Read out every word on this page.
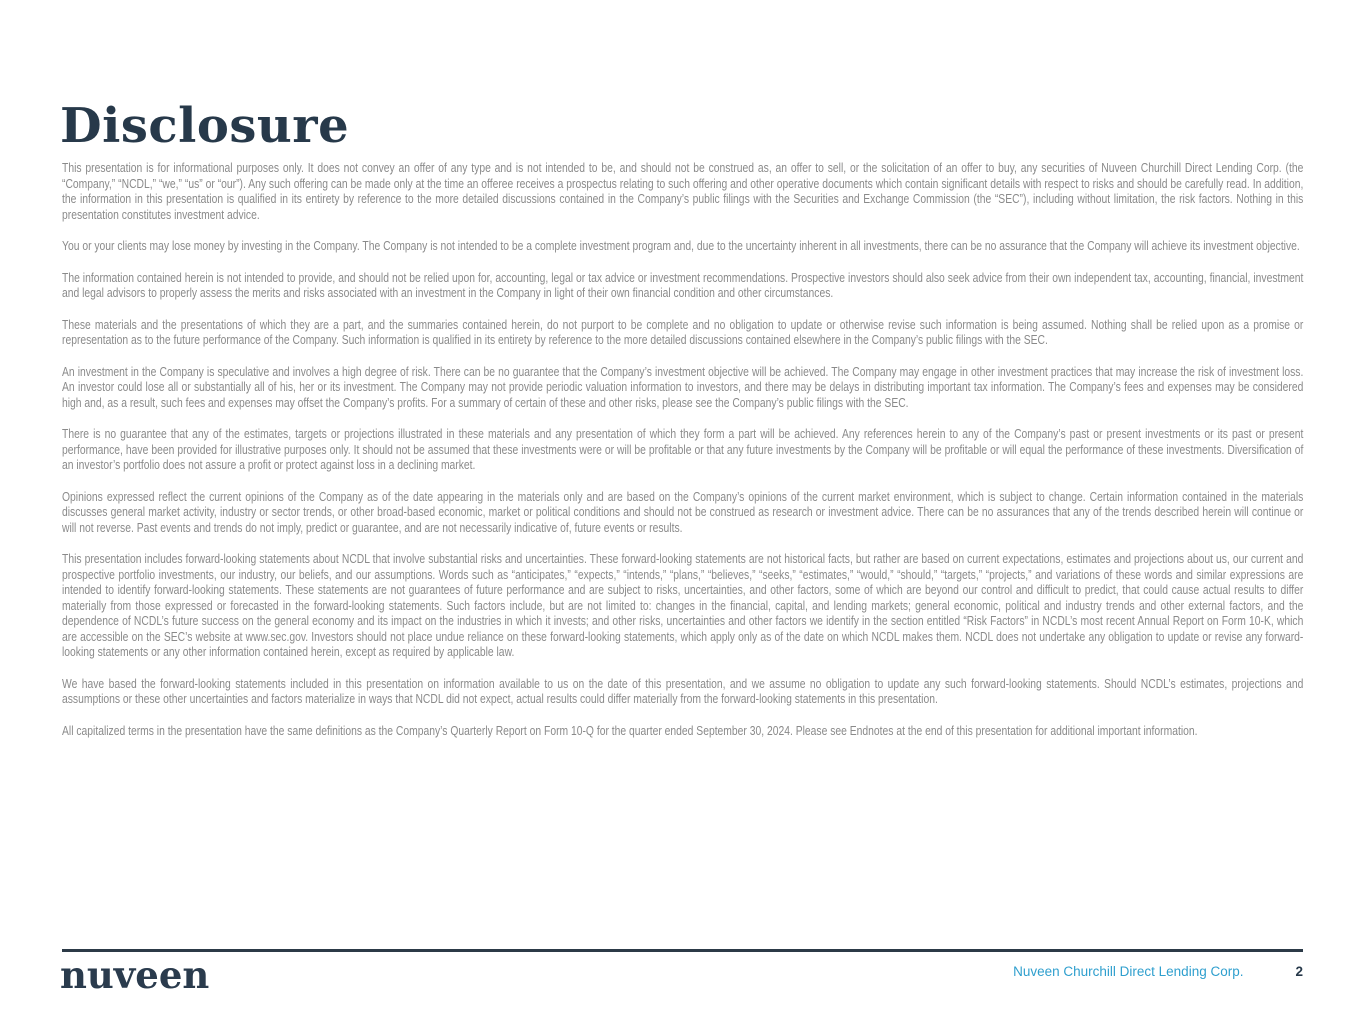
Disclosure

This presentation is for informational purposes only. It does not convey an offer of any type and is not intended to be, and should not be construed as, an offer to sell, or the solicitation of an offer to buy, any securities of Nuveen Churchill Direct Lending Corp. (the “Company,” “NCDL,” “we,” “us” or “our”). Any such offering can be made only at the time an offeree receives a prospectus relating to such offering and other operative documents which contain significant details with respect to risks and should be carefully read. In addition, the information in this presentation is qualified in its entirety by reference to the more detailed discussions contained in the Company’s public filings with the Securities and Exchange Commission (the “SEC”), including without limitation, the risk factors. Nothing in this presentation constitutes investment advice.

You or your clients may lose money by investing in the Company. The Company is not intended to be a complete investment program and, due to the uncertainty inherent in all investments, there can be no assurance that the Company will achieve its investment objective.

The information contained herein is not intended to provide, and should not be relied upon for, accounting, legal or tax advice or investment recommendations. Prospective investors should also seek advice from their own independent tax, accounting, financial, investment and legal advisors to properly assess the merits and risks associated with an investment in the Company in light of their own financial condition and other circumstances.

These materials and the presentations of which they are a part, and the summaries contained herein, do not purport to be complete and no obligation to update or otherwise revise such information is being assumed. Nothing shall be relied upon as a promise or representation as to the future performance of the Company. Such information is qualified in its entirety by reference to the more detailed discussions contained elsewhere in the Company’s public filings with the SEC.

An investment in the Company is speculative and involves a high degree of risk. There can be no guarantee that the Company’s investment objective will be achieved. The Company may engage in other investment practices that may increase the risk of investment loss. An investor could lose all or substantially all of his, her or its investment. The Company may not provide periodic valuation information to investors, and there may be delays in distributing important tax information. The Company’s fees and expenses may be considered high and, as a result, such fees and expenses may offset the Company’s profits. For a summary of certain of these and other risks, please see the Company’s public filings with the SEC.

There is no guarantee that any of the estimates, targets or projections illustrated in these materials and any presentation of which they form a part will be achieved. Any references herein to any of the Company’s past or present investments or its past or present performance, have been provided for illustrative purposes only. It should not be assumed that these investments were or will be profitable or that any future investments by the Company will be profitable or will equal the performance of these investments. Diversification of an investor’s portfolio does not assure a profit or protect against loss in a declining market.

Opinions expressed reflect the current opinions of the Company as of the date appearing in the materials only and are based on the Company’s opinions of the current market environment, which is subject to change. Certain information contained in the materials discusses general market activity, industry or sector trends, or other broad-based economic, market or political conditions and should not be construed as research or investment advice. There can be no assurances that any of the trends described herein will continue or will not reverse. Past events and trends do not imply, predict or guarantee, and are not necessarily indicative of, future events or results.

This presentation includes forward-looking statements about NCDL that involve substantial risks and uncertainties. These forward-looking statements are not historical facts, but rather are based on current expectations, estimates and projections about us, our current and prospective portfolio investments, our industry, our beliefs, and our assumptions. Words such as “anticipates,” “expects,” “intends,” “plans,” “believes,” “seeks,” “estimates,” “would,” “should,” “targets,” “projects,” and variations of these words and similar expressions are intended to identify forward-looking statements. These statements are not guarantees of future performance and are subject to risks, uncertainties, and other factors, some of which are beyond our control and difficult to predict, that could cause actual results to differ materially from those expressed or forecasted in the forward-looking statements. Such factors include, but are not limited to: changes in the financial, capital, and lending markets; general economic, political and industry trends and other external factors, and the dependence of NCDL’s future success on the general economy and its impact on the industries in which it invests; and other risks, uncertainties and other factors we identify in the section entitled “Risk Factors” in NCDL’s most recent Annual Report on Form 10-K, which are accessible on the SEC’s website at www.sec.gov. Investors should not place undue reliance on these forward-looking statements, which apply only as of the date on which NCDL makes them. NCDL does not undertake any obligation to update or revise any forward-looking statements or any other information contained herein, except as required by applicable law.

We have based the forward-looking statements included in this presentation on information available to us on the date of this presentation, and we assume no obligation to update any such forward-looking statements. Should NCDL’s estimates, projections and assumptions or these other uncertainties and factors materialize in ways that NCDL did not expect, actual results could differ materially from the forward-looking statements in this presentation.

All capitalized terms in the presentation have the same definitions as the Company’s Quarterly Report on Form 10-Q for the quarter ended September 30, 2024. Please see Endnotes at the end of this presentation for additional important information.

nuveen	Nuveen Churchill Direct Lending Corp.	2
